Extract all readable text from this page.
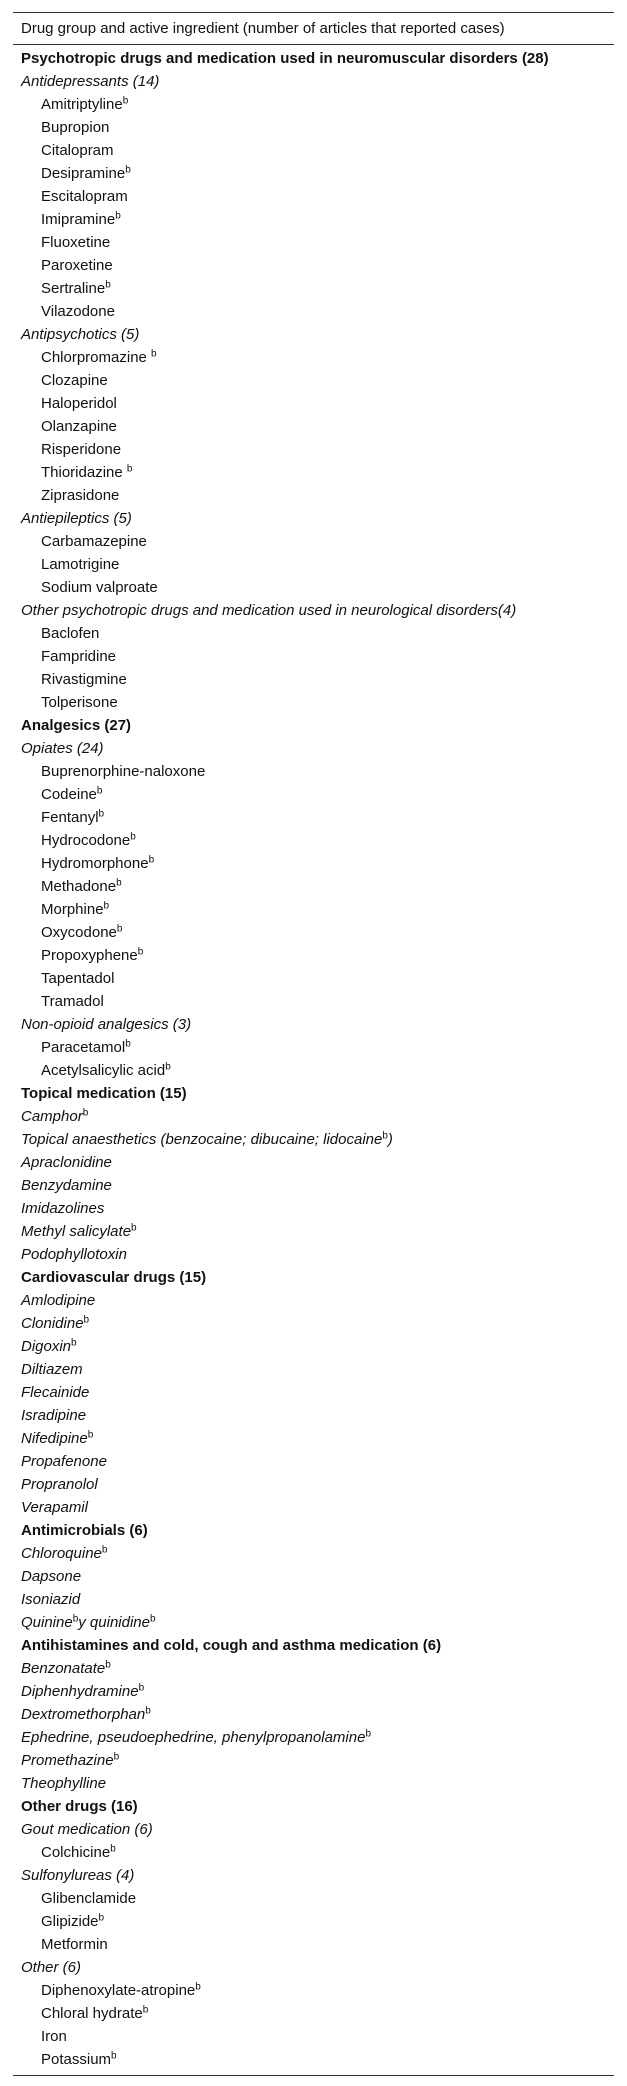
Drug group and active ingredient (number of articles that reported cases)
Psychotropic drugs and medication used in neuromuscular disorders (28)
Antidepressants (14)
Amitriptyline$^b$
Bupropion
Citalopram
Desipramine$^b$
Escitalopram
Imipramine$^b$
Fluoxetine
Paroxetine
Sertraline$^b$
Vilazodone
Antipsychotics (5)
Chlorpromazine $^b$
Clozapine
Haloperidol
Olanzapine
Risperidone
Thioridazine $^b$
Ziprasidone
Antiepileptics (5)
Carbamazepine
Lamotrigine
Sodium valproate
Other psychotropic drugs and medication used in neurological disorders(4)
Baclofen
Fampridine
Rivastigmine
Tolperisone
Analgesics (27)
Opiates (24)
Buprenorphine-naloxone
Codeine$^b$
Fentanyl$^b$
Hydrocodone$^b$
Hydromorphone$^b$
Methadone$^b$
Morphine$^b$
Oxycodone$^b$
Propoxyphene$^b$
Tapentadol
Tramadol
Non-opioid analgesics (3)
Paracetamol$^b$
Acetylsalicylic acid$^b$
Topical medication (15)
Camphor$^b$
Topical anaesthetics (benzocaine; dibucaine; lidocaine$^b$)
Apraclonidine
Benzydamine
Imidazolines
Methyl salicylate$^b$
Podophyllotoxin
Cardiovascular drugs (15)
Amlodipine
Clonidine$^b$
Digoxin$^b$
Diltiazem
Flecainide
Isradipine
Nifedipine$^b$
Propafenone
Propranolol
Verapamil
Antimicrobials (6)
Chloroquine$^b$
Dapsone
Isoniazid
Quinine$^b$y quinidine$^b$
Antihistamines and cold, cough and asthma medication (6)
Benzonatate$^b$
Diphenhydramine$^b$
Dextromethorphan$^b$
Ephedrine, pseudoephedrine, phenylpropanolamine$^b$
Promethazine$^b$
Theophylline
Other drugs (16)
Gout medication (6)
Colchicine$^b$
Sulfonylureas (4)
Glibenclamide
Glipizide$^b$
Metformin
Other (6)
Diphenoxylate-atropine$^b$
Chloral hydrate$^b$
Iron
Potassium$^b$
